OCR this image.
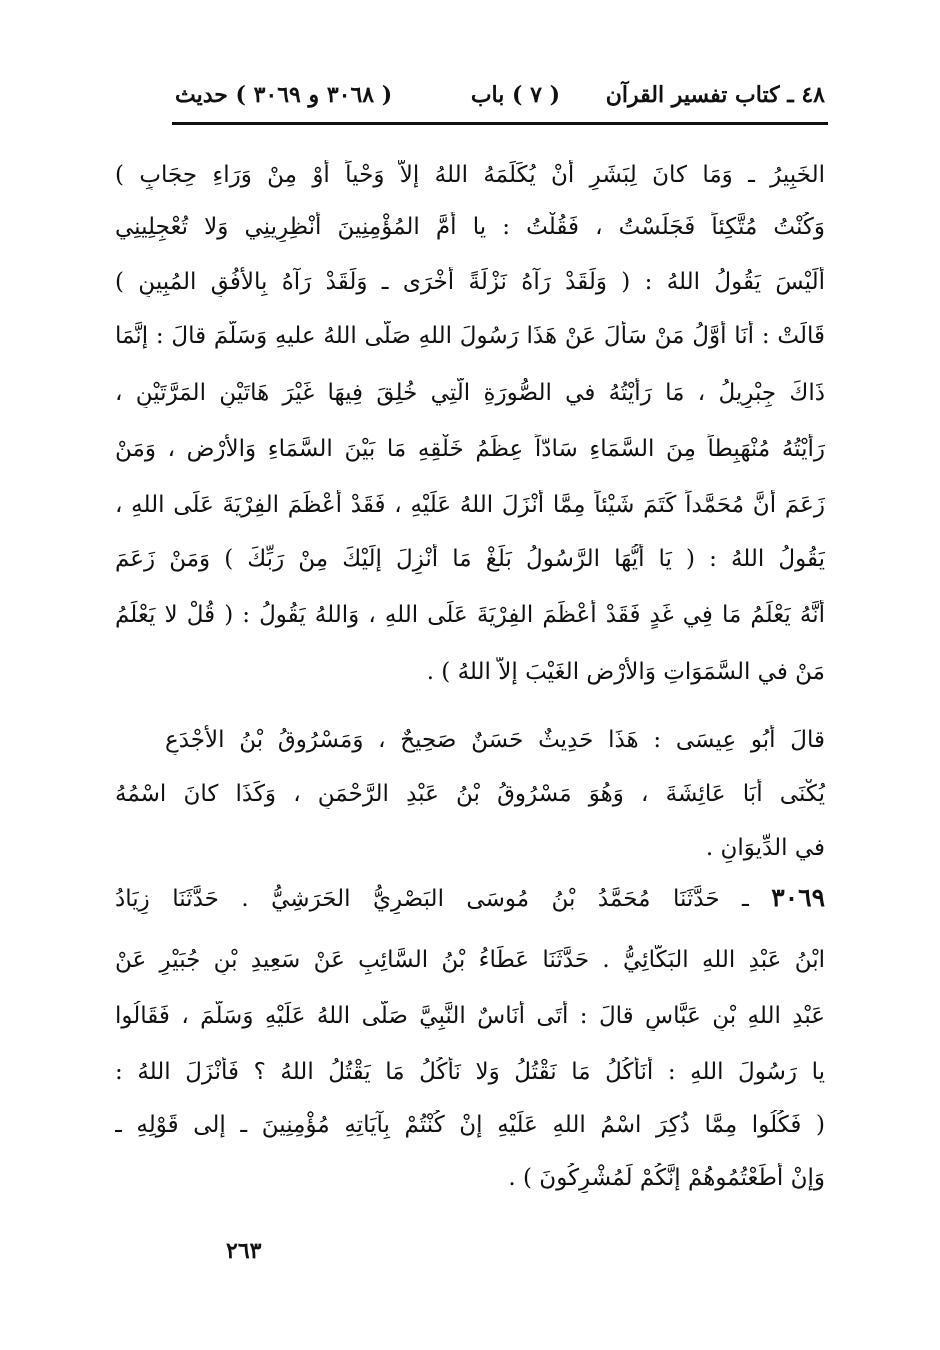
٤٨ ـ كتاب تفسير القرآن
( ٧ ) باب
( ٣٠٦٨ و ٣٠٦٩ ) حديث
الخَبِيرُ ـ وَمَا كانَ لِبَشَرٍ أنْ يُكَلِّمَهُ اللهُ إلاَّ وَحْياً أوْ مِنْ وَرَاءِ حِجَابٍ )
وَكُنْتُ مُتَّكِئاً فَجَلَسْتُ ، فَقُلْتُ : يا أُمَّ المُؤْمِنِينَ أنْظِرِينِي وَلا تُعْجِلِينِي
ألَيْسَ يَقُولُ اللهُ : ( وَلَقَدْ رَآهُ نَزْلَةً أُخْرَى ـ وَلَقَدْ رَآهُ بِالأُفُقِ المُبِينِ )
قَالَتْ : أنَا أوَّلُ مَنْ سَأَلَ عَنْ هَذَا رَسُولَ اللهِ صَلَّى اللهُ عليهِ وَسَلَّمَ قالَ : إنَّمَا
ذَاكَ جِبْرِيلُ ، مَا رَأَيْتُهُ في الصُّورَةِ الَّتِي خُلِقَ فِيهَا غَيْرَ هَاتَيْنِ المَرَّتَيْنِ ،
رَأَيْتُهُ مُنْهَبِطاً مِنَ السَّمَاءِ سَادّاً عِظَمُ خَلْقِهِ مَا بَيْنَ السَّمَاءِ وَالأرْضِ ، وَمَنْ
زَعَمَ أنَّ مُحَمَّداً كَتَمَ شَيْئاً مِمَّا أنْزَلَ اللهُ عَلَيْهِ ، فَقَدْ أعْظَمَ الفِرْيَةَ عَلَى اللهِ ،
يَقُولُ اللهُ : ( يَا أيُّهَا الرَّسُولُ بَلِّغْ مَا أُنْزِلَ إلَيْكَ مِنْ رَبِّكَ ) وَمَنْ زَعَمَ
أنَّهُ يَعْلَمُ مَا فِي غَدٍ فَقَدْ أعْظَمَ الفِرْيَةَ عَلَى اللهِ ، وَاللهُ يَقُولُ : ( قُلْ لا يَعْلَمُ
مَنْ في السَّمَوَاتِ وَالأرْضِ الغَيْبَ إلاَّ اللهُ ) .
قالَ أبُو عِيسَى : هَذَا حَدِيثٌ حَسَنٌ صَحِيحٌ ، وَمَسْرُوقُ بْنُ الأجْدَعِ
يُكْنَى أبَا عَائِشَةَ ، وَهُوَ مَسْرُوقُ بْنُ عَبْدِ الرَّحْمَنِ ، وَكَذَا كانَ اسْمُهُ
في الدِّيوَانِ .
٣٠٦٩ ـ حَدَّثَنَا مُحَمَّدُ بْنُ مُوسَى البَصْرِيُّ الحَرَشِيُّ . حَدَّثَنَا زِيَادُ
ابْنُ عَبْدِ اللهِ البَكَّائِيُّ . حَدَّثَنَا عَطَاءُ بْنُ السَّائِبِ عَنْ سَعِيدِ بْنِ جُبَيْرٍ عَنْ
عَبْدِ اللهِ بْنِ عَبَّاسٍ قالَ : أتَى أُنَاسٌ النَّبِيَّ صَلَّى اللهُ عَلَيْهِ وَسَلَّمَ ، فَقَالُوا
يا رَسُولَ اللهِ : أنَأْكُلُ مَا نَقْتُلُ وَلا نَأْكُلُ مَا يَقْتُلُ اللهُ ؟ فَأنْزَلَ اللهُ :
( فَكُلُوا مِمَّا ذُكِرَ اسْمُ اللهِ عَلَيْهِ إنْ كُنْتُمْ بِآيَاتِهِ مُؤْمِنِينَ ـ إلى قَوْلِهِ ـ
وَإنْ أطَعْتُمُوهُمْ إنَّكُمْ لَمُشْرِكُونَ ) .
٢٦٣
